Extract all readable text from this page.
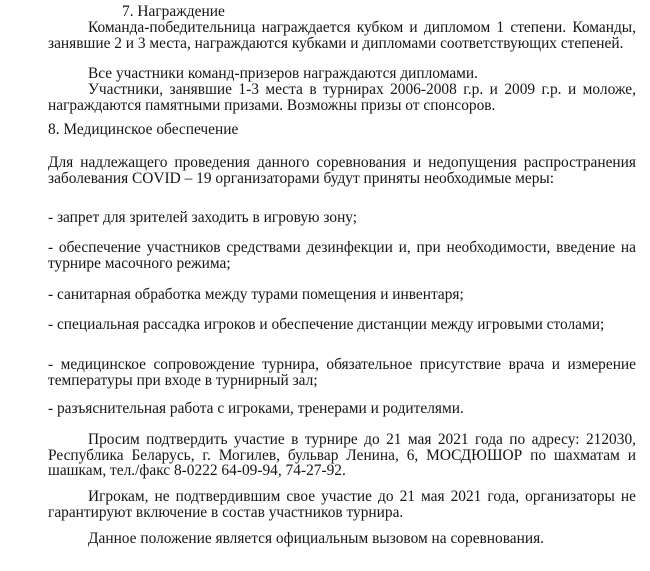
7. Награждение

Команда-победительница награждается кубком и дипломом 1 степени. Команды, занявшие 2 и 3 места, награждаются кубками и дипломами соответствующих степеней.

Все участники команд-призеров награждаются дипломами.

Участники, занявшие 1-3 места в турнирах 2006-2008 г.р. и 2009 г.р. и моложе, награждаются памятными призами. Возможны призы от спонсоров.

8. Медицинское обеспечение

Для надлежащего проведения данного соревнования и недопущения распространения заболевания COVID – 19 организаторами будут приняты необходимые меры:

- запрет для зрителей заходить в игровую зону;

- обеспечение участников средствами дезинфекции и, при необходимости, введение на турнире масочного режима;

- санитарная обработка между турами помещения и инвентаря;

- специальная рассадка игроков и обеспечение дистанции между игровыми столами;

- медицинское сопровождение турнира, обязательное присутствие врача и измерение температуры при входе в турнирный зал;

- разъяснительная работа с игроками, тренерами и родителями.

Просим подтвердить участие в турнире до 21 мая 2021 года по адресу: 212030, Республика Беларусь, г. Могилев, бульвар Ленина, 6, МОСДЮШОР по шахматам и шашкам, тел./факс 8-0222 64-09-94, 74-27-92.

Игрокам, не подтвердившим свое участие до 21 мая 2021 года, организаторы не гарантируют включение в состав участников турнира.

Данное положение является официальным вызовом на соревнования.
